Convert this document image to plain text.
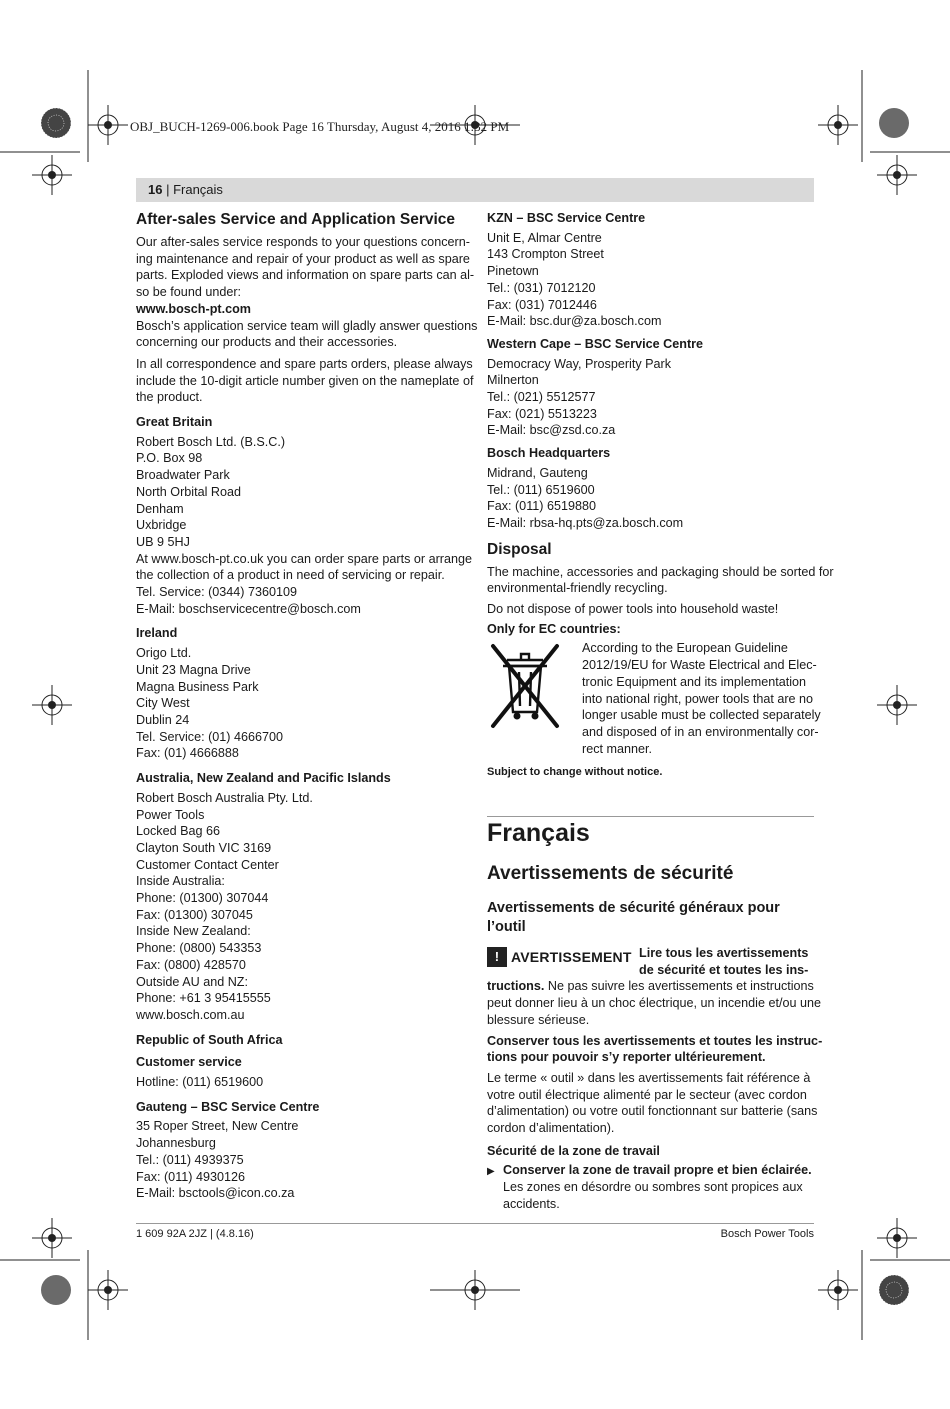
OBJ_BUCH-1269-006.book Page 16 Thursday, August 4, 2016 1:32 PM
16 | Français
After-sales Service and Application Service
Our after-sales service responds to your questions concern-
ing maintenance and repair of your product as well as spare
parts. Exploded views and information on spare parts can al-
so be found under:
www.bosch-pt.com
Bosch’s application service team will gladly answer questions
concerning our products and their accessories.
In all correspondence and spare parts orders, please always
include the 10-digit article number given on the nameplate of
the product.
Great Britain
Robert Bosch Ltd. (B.S.C.)
P.O. Box 98
Broadwater Park
North Orbital Road
Denham
Uxbridge
UB 9 5HJ
At www.bosch-pt.co.uk you can order spare parts or arrange
the collection of a product in need of servicing or repair.
Tel. Service: (0344) 7360109
E-Mail: boschservicecentre@bosch.com
Ireland
Origo Ltd.
Unit 23 Magna Drive
Magna Business Park
City West
Dublin 24
Tel. Service: (01) 4666700
Fax: (01) 4666888
Australia, New Zealand and Pacific Islands
Robert Bosch Australia Pty. Ltd.
Power Tools
Locked Bag 66
Clayton South VIC 3169
Customer Contact Center
Inside Australia:
Phone: (01300) 307044
Fax: (01300) 307045
Inside New Zealand:
Phone: (0800) 543353
Fax: (0800) 428570
Outside AU and NZ:
Phone: +61 3 95415555
www.bosch.com.au
Republic of South Africa
Customer service
Hotline: (011) 6519600
Gauteng – BSC Service Centre
35 Roper Street, New Centre
Johannesburg
Tel.: (011) 4939375
Fax: (011) 4930126
E-Mail: bsctools@icon.co.za
KZN – BSC Service Centre
Unit E, Almar Centre
143 Crompton Street
Pinetown
Tel.: (031) 7012120
Fax: (031) 7012446
E-Mail: bsc.dur@za.bosch.com
Western Cape – BSC Service Centre
Democracy Way, Prosperity Park
Milnerton
Tel.: (021) 5512577
Fax: (021) 5513223
E-Mail: bsc@zsd.co.za
Bosch Headquarters
Midrand, Gauteng
Tel.: (011) 6519600
Fax: (011) 6519880
E-Mail: rbsa-hq.pts@za.bosch.com
Disposal
The machine, accessories and packaging should be sorted for
environmental-friendly recycling.
Do not dispose of power tools into household waste!
Only for EC countries:
According to the European Guideline
2012/19/EU for Waste Electrical and Elec-
tronic Equipment and its implementation
into national right, power tools that are no
longer usable must be collected separately
and disposed of in an environmentally cor-
rect manner.
Subject to change without notice.
Français
Avertissements de sécurité
Avertissements de sécurité généraux pour l’outil
! AVERTISSEMENT Lire tous les avertissements
de sécurité et toutes les ins-
tructions. Ne pas suivre les avertissements et instructions
peut donner lieu à un choc électrique, un incendie et/ou une
blessure sérieuse.
Conserver tous les avertissements et toutes les instruc-
tions pour pouvoir s’y reporter ultérieurement.
Le terme « outil » dans les avertissements fait référence à
votre outil électrique alimenté par le secteur (avec cordon
d’alimentation) ou votre outil fonctionnant sur batterie (sans
cordon d’alimentation).
Sécurité de la zone de travail
▶ Conserver la zone de travail propre et bien éclairée.
Les zones en désordre ou sombres sont propices aux
accidents.
1 609 92A 2JZ | (4.8.16)	Bosch Power Tools
